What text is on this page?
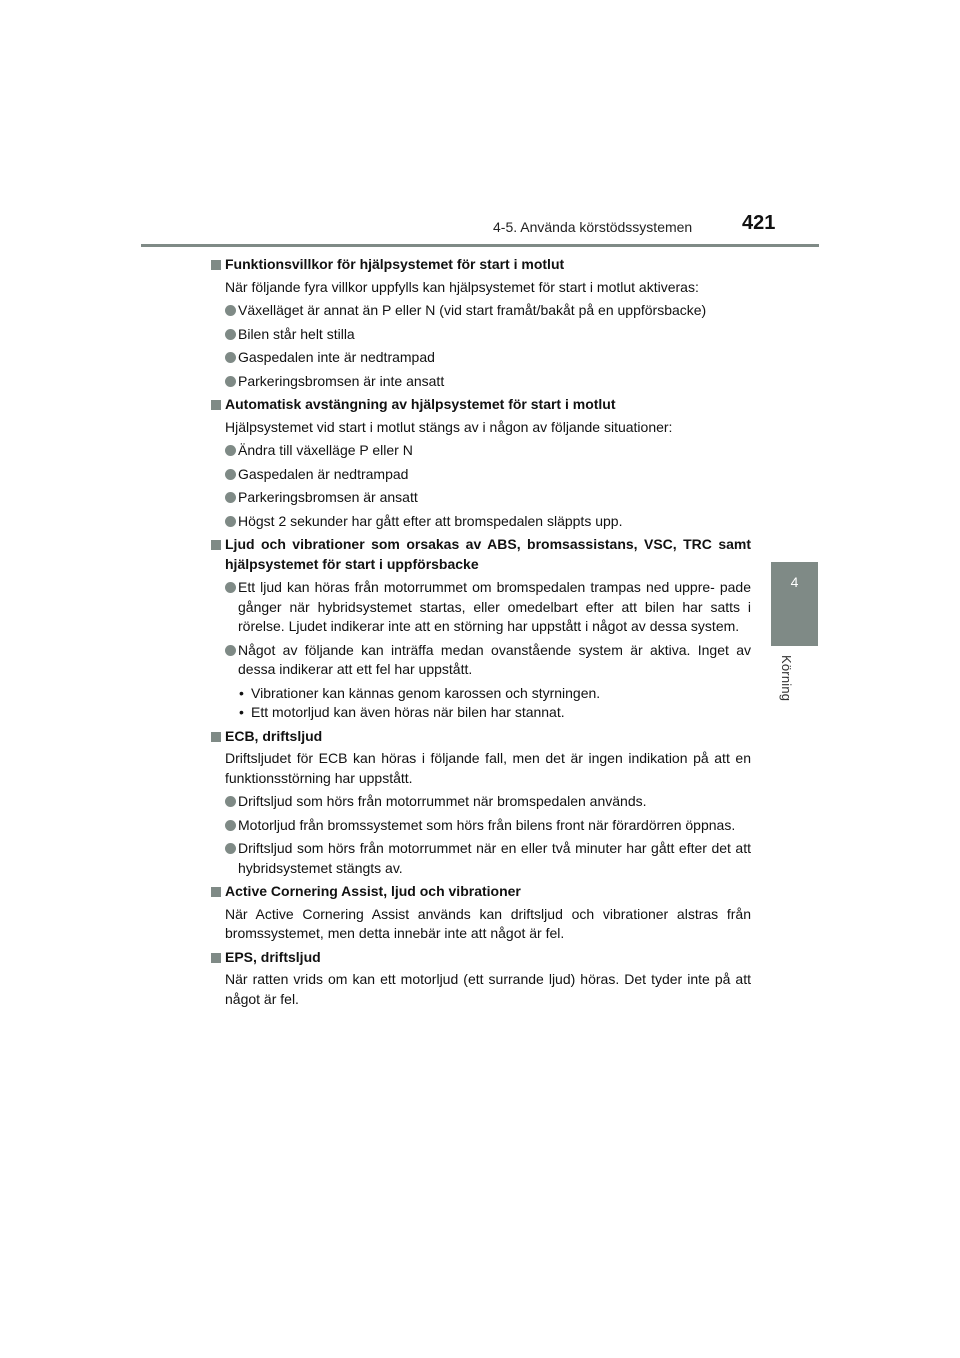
4-5. Använda körstödssystemen 421
4
Körning

Funktionsvillkor för hjälpsystemet för start i motlut

När följande fyra villkor uppfylls kan hjälpsystemet för start i motlut aktiveras:

Växelläget är annat än P eller N (vid start framåt/bakåt på en uppförsbacke)

Bilen står helt stilla

Gaspedalen inte är nedtrampad

Parkeringsbromsen är inte ansatt

Automatisk avstängning av hjälpsystemet för start i motlut

Hjälpsystemet vid start i motlut stängs av i någon av följande situationer:

Ändra till växelläge P eller N

Gaspedalen är nedtrampad

Parkeringsbromsen är ansatt

Högst 2 sekunder har gått efter att bromspedalen släppts upp.

Ljud och vibrationer som orsakas av ABS, bromsassistans, VSC, TRC samt hjälpsystemet för start i uppförsbacke

Ett ljud kan höras från motorrummet om bromspedalen trampas ned uppre- pade gånger när hybridsystemet startas, eller omedelbart efter att bilen har satts i rörelse. Ljudet indikerar inte att en störning har uppstått i något av dessa system.

Något av följande kan inträffa medan ovanstående system är aktiva. Inget av dessa indikerar att ett fel har uppstått.

• Vibrationer kan kännas genom karossen och styrningen.

• Ett motorljud kan även höras när bilen har stannat.

ECB, driftsljud

Driftsljudet för ECB kan höras i följande fall, men det är ingen indikation på att en funktionsstörning har uppstått.

Driftsljud som hörs från motorrummet när bromspedalen används.

Motorljud från bromssystemet som hörs från bilens front när förardörren öppnas.

Driftsljud som hörs från motorrummet när en eller två minuter har gått efter det att hybridsystemet stängts av.

Active Cornering Assist, ljud och vibrationer

När Active Cornering Assist används kan driftsljud och vibrationer alstras från bromssystemet, men detta innebär inte att något är fel.

EPS, driftsljud

När ratten vrids om kan ett motorljud (ett surrande ljud) höras. Det tyder inte på att något är fel.
